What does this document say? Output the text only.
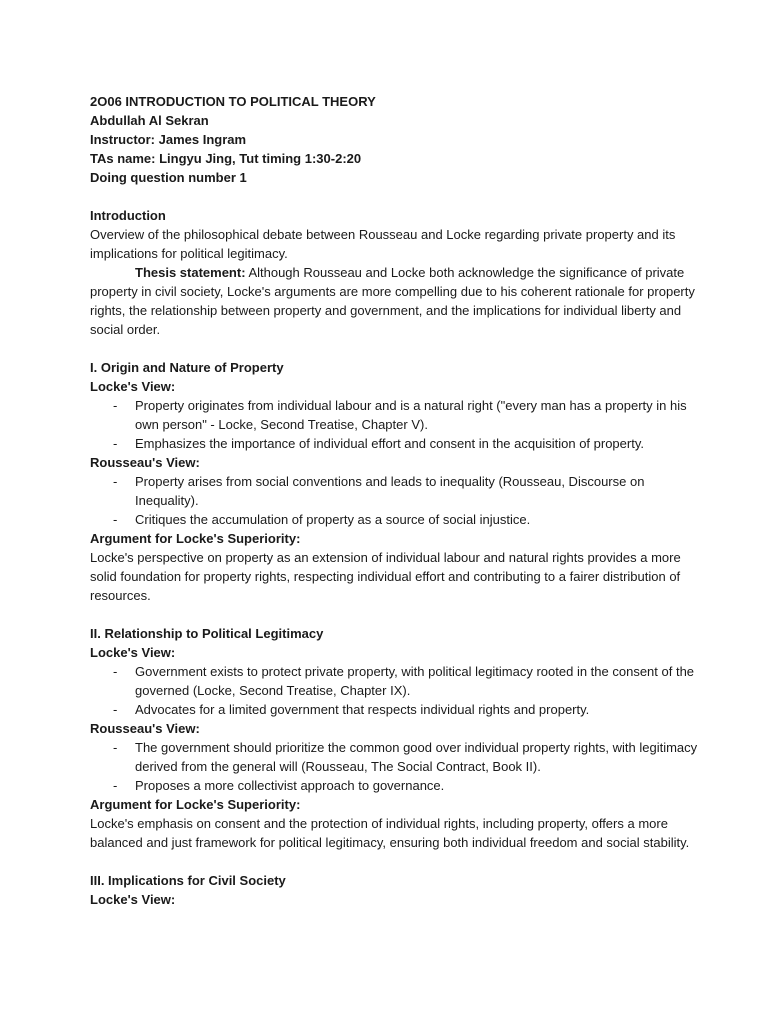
2O06 INTRODUCTION TO POLITICAL THEORY

Abdullah Al Sekran

Instructor: James Ingram

TAs name: Lingyu Jing, Tut timing 1:30-2:20

Doing question number 1

Introduction

Overview of the philosophical debate between Rousseau and Locke regarding private property and its implications for political legitimacy.

Thesis statement: Although Rousseau and Locke both acknowledge the significance of private property in civil society, Locke's arguments are more compelling due to his coherent rationale for property rights, the relationship between property and government, and the implications for individual liberty and social order.

I. Origin and Nature of Property

Locke's View:

- Property originates from individual labour and is a natural right ("every man has a property in his own person" - Locke, Second Treatise, Chapter V).
- Emphasizes the importance of individual effort and consent in the acquisition of property.

Rousseau's View:

- Property arises from social conventions and leads to inequality (Rousseau, Discourse on Inequality).
- Critiques the accumulation of property as a source of social injustice.

Argument for Locke's Superiority:

Locke's perspective on property as an extension of individual labour and natural rights provides a more solid foundation for property rights, respecting individual effort and contributing to a fairer distribution of resources.

II. Relationship to Political Legitimacy

Locke's View:

- Government exists to protect private property, with political legitimacy rooted in the consent of the governed (Locke, Second Treatise, Chapter IX).
- Advocates for a limited government that respects individual rights and property.

Rousseau's View:

- The government should prioritize the common good over individual property rights, with legitimacy derived from the general will (Rousseau, The Social Contract, Book II).
- Proposes a more collectivist approach to governance.

Argument for Locke's Superiority:

Locke's emphasis on consent and the protection of individual rights, including property, offers a more balanced and just framework for political legitimacy, ensuring both individual freedom and social stability.

III. Implications for Civil Society

Locke's View:
